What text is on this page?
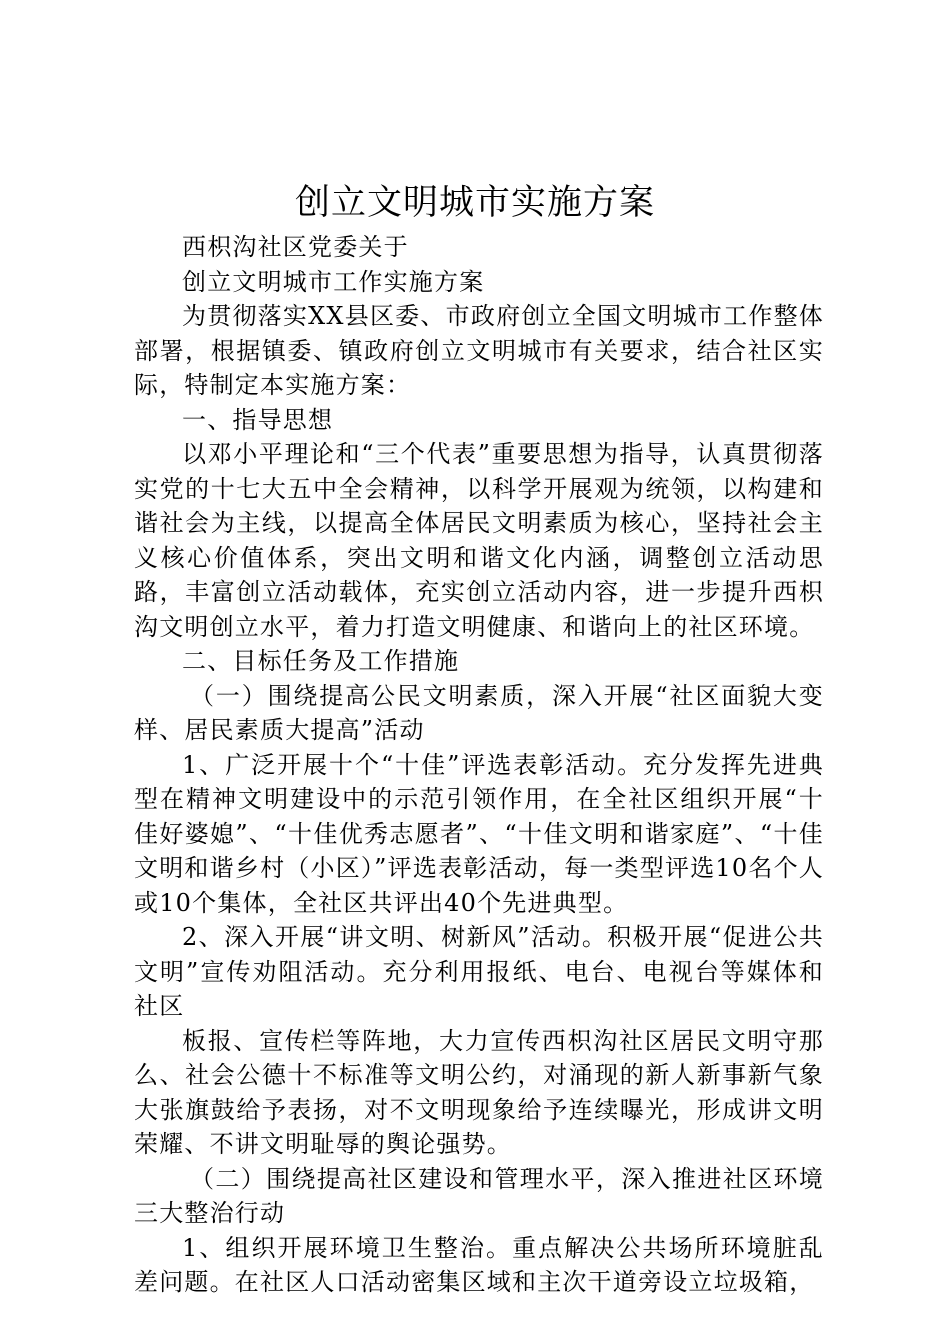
创立文明城市实施方案

西枳沟社区党委关于

创立文明城市工作实施方案

为贯彻落实XX县区委、市政府创立全国文明城市工作整体部署，根据镇委、镇政府创立文明城市有关要求，结合社区实际，特制定本实施方案：

一、指导思想

以邓小平理论和“三个代表”重要思想为指导，认真贯彻落实党的十七大五中全会精神，以科学开展观为统领，以构建和谐社会为主线，以提高全体居民文明素质为核心，坚持社会主义核心价值体系，突出文明和谐文化内涵，调整创立活动思路，丰富创立活动载体，充实创立活动内容，进一步提升西枳沟文明创立水平，着力打造文明健康、和谐向上的社区环境。

二、目标任务及工作措施

（一）围绕提高公民文明素质，深入开展“社区面貌大变样、居民素质大提高”活动

1、广泛开展十个“十佳”评选表彰活动。充分发挥先进典型在精神文明建设中的示范引领作用，在全社区组织开展“十佳好婆媳”、“十佳优秀志愿者”、“十佳文明和谐家庭”、“十佳文明和谐乡村（小区）”评选表彰活动，每一类型评选10名个人或10个集体，全社区共评出40个先进典型。

2、深入开展“讲文明、树新风”活动。积极开展“促进公共文明”宣传劝阻活动。充分利用报纸、电台、电视台等媒体和社区

板报、宣传栏等阵地，大力宣传西枳沟社区居民文明守那么、社会公德十不标准等文明公约，对涌现的新人新事新气象大张旗鼓给予表扬，对不文明现象给予连续曝光，形成讲文明荣耀、不讲文明耻辱的舆论强势。

（二）围绕提高社区建设和管理水平，深入推进社区环境三大整治行动

1、组织开展环境卫生整治。重点解决公共场所环境脏乱差问题。在社区人口活动密集区域和主次干道旁设立垃圾箱，
